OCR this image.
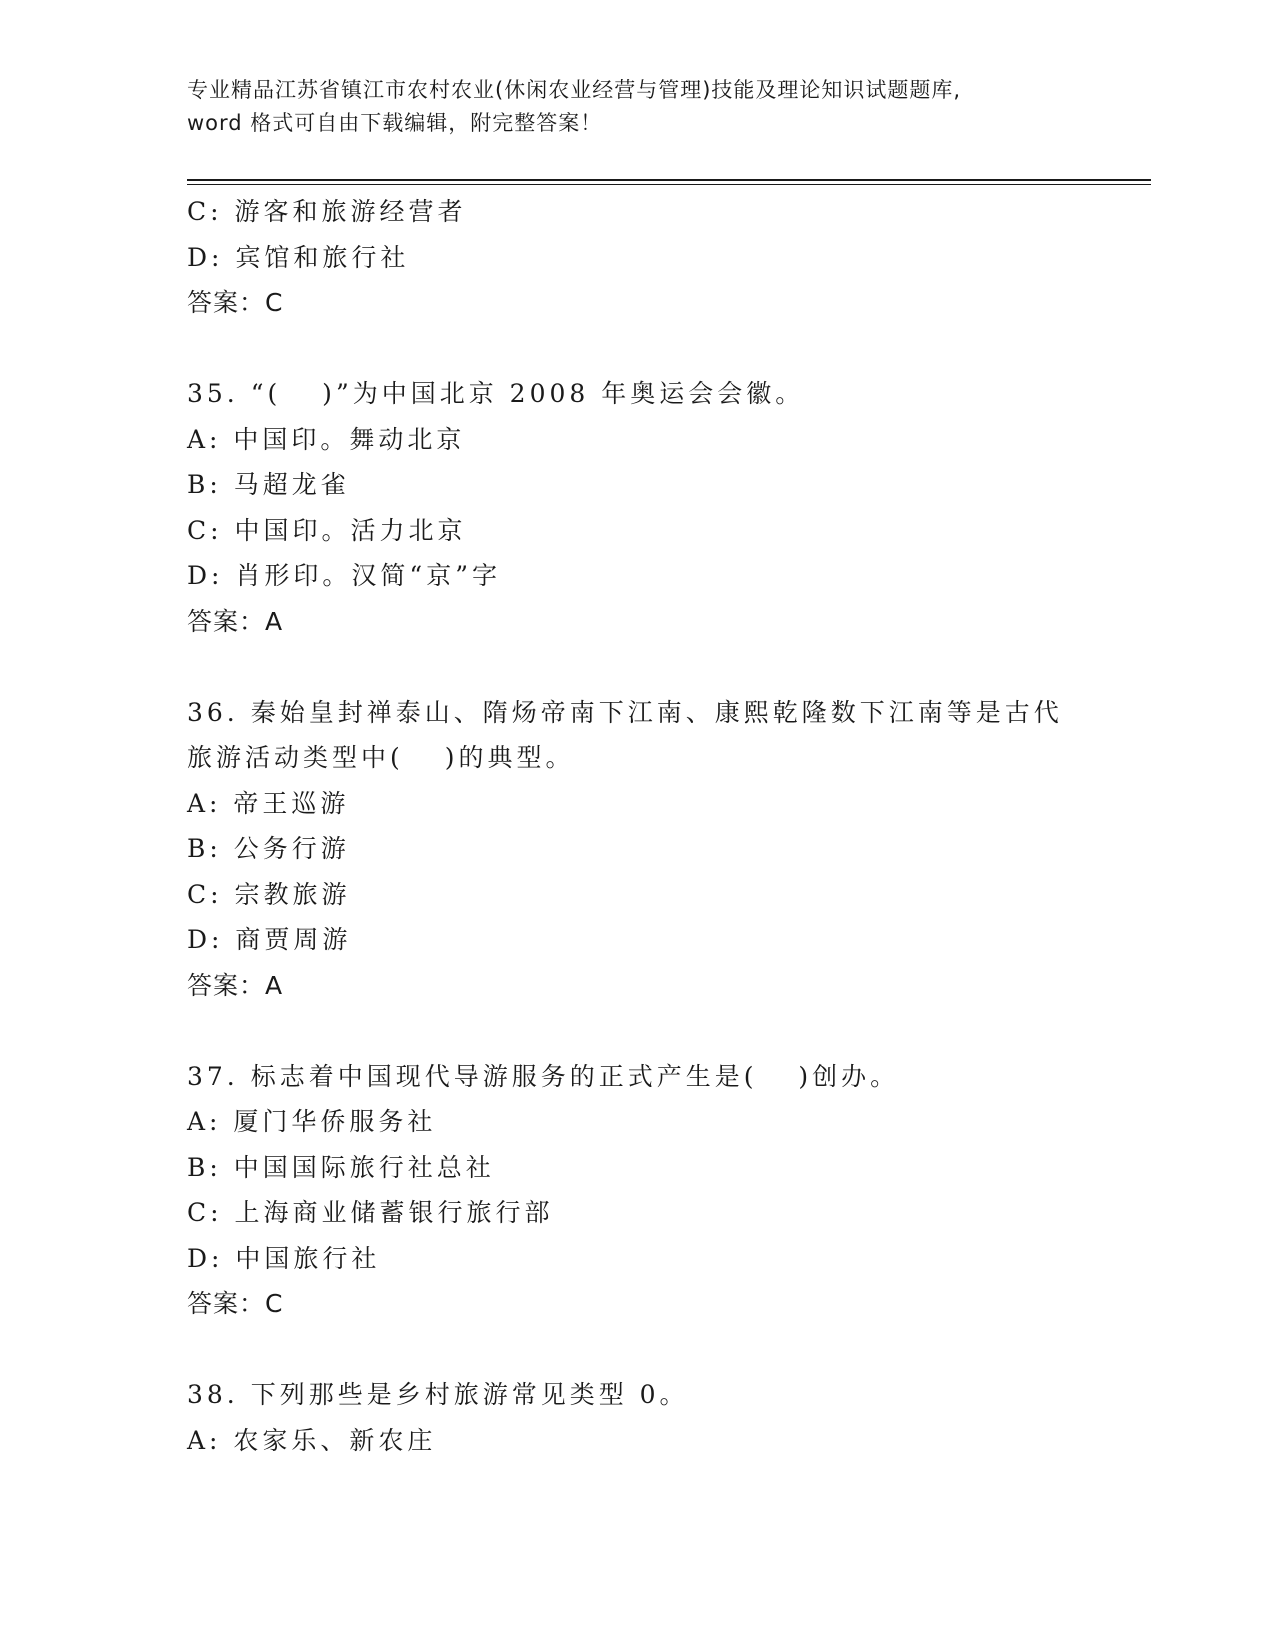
专业精品江苏省镇江市农村农业(休闲农业经营与管理)技能及理论知识试题题库,
word 格式可自由下载编辑，附完整答案！
C: 游客和旅游经营者
D: 宾馆和旅行社
答案：C
35. “(　 )”为中国北京 2008 年奥运会会徽。
A: 中国印。舞动北京
B: 马超龙雀
C: 中国印。活力北京
D: 肖形印。汉简“京”字
答案：A
36. 秦始皇封禅泰山、隋炀帝南下江南、康熙乾隆数下江南等是古代
旅游活动类型中(　 )的典型。
A: 帝王巡游
B: 公务行游
C: 宗教旅游
D: 商贾周游
答案：A
37. 标志着中国现代导游服务的正式产生是(　 )创办。
A: 厦门华侨服务社
B: 中国国际旅行社总社
C: 上海商业储蓄银行旅行部
D: 中国旅行社
答案：C
38. 下列那些是乡村旅游常见类型 0。
A: 农家乐、新农庄
